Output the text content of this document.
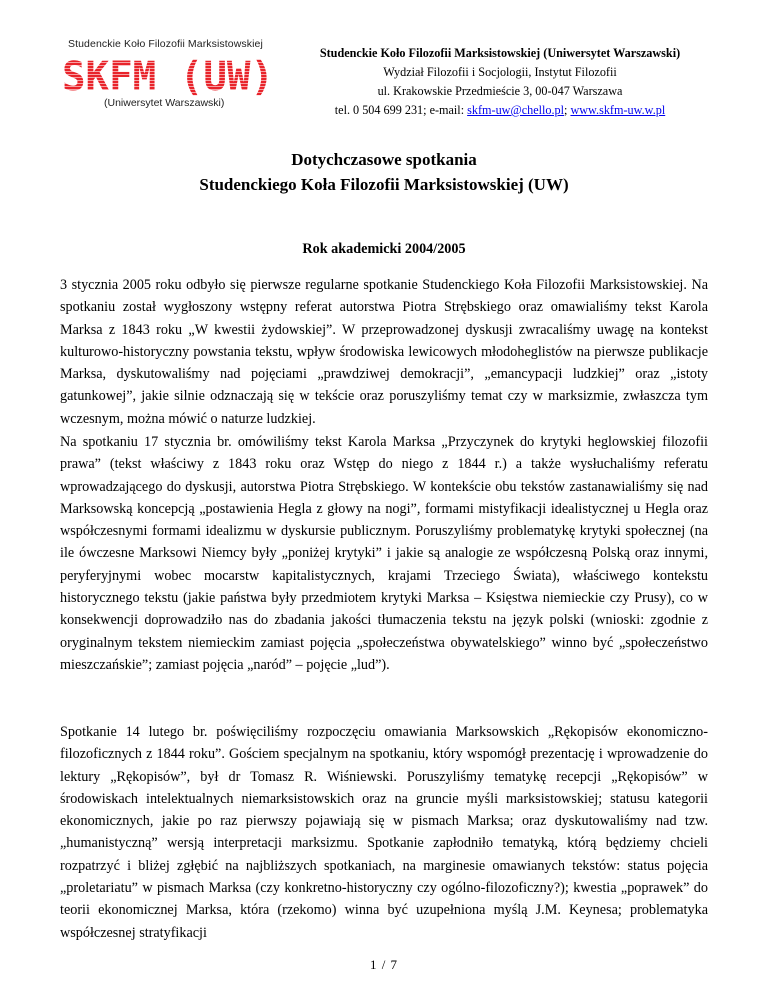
Studenckie Koło Filozofii Marksistowskiej
SKFM (UW)
(Uniwersytet Warszawski)
Studenckie Koło Filozofii Marksistowskiej (Uniwersytet Warszawski)
Wydział Filozofii i Socjologii, Instytut Filozofii
ul. Krakowskie Przedmieście 3, 00-047 Warszawa
tel. 0 504 699 231; e-mail: skfm-uw@chello.pl; www.skfm-uw.w.pl
Dotychczasowe spotkania
Studenckiego Koła Filozofii Marksistowskiej (UW)
Rok akademicki 2004/2005

3 stycznia 2005 roku odbyło się pierwsze regularne spotkanie Studenckiego Koła Filozofii Marksistowskiej. Na spotkaniu został wygłoszony wstępny referat autorstwa Piotra Strębskiego oraz omawialiśmy tekst Karola Marksa z 1843 roku „W kwestii żydowskiej”. W przeprowadzonej dyskusji zwracaliśmy uwagę na kontekst kulturowo-historyczny powstania tekstu, wpływ środowiska lewicowych młodoheglistów na pierwsze publikacje Marksa, dyskutowaliśmy nad pojęciami „prawdziwej demokracji”, „emancypacji ludzkiej” oraz „istoty gatunkowej”, jakie silnie odznaczają się w tekście oraz poruszyliśmy temat czy w marksizmie, zwłaszcza tym wczesnym, można mówić o naturze ludzkiej.

Na spotkaniu 17 stycznia br. omówiliśmy tekst Karola Marksa „Przyczynek do krytyki heglowskiej filozofii prawa” (tekst właściwy z 1843 roku oraz Wstęp do niego z 1844 r.) a także wysłuchaliśmy referatu wprowadzającego do dyskusji, autorstwa Piotra Strębskiego. W kontekście obu tekstów zastanawialiśmy się nad Marksowską koncepcją „postawienia Hegla z głowy na nogi”, formami mistyfikacji idealistycznej u Hegla oraz współczesnymi formami idealizmu w dyskursie publicznym. Poruszyliśmy problematykę krytyki społecznej (na ile ówczesne Marksowi Niemcy były „poniżej krytyki” i jakie są analogie ze współczesną Polską oraz innymi, peryferyjnymi wobec mocarstw kapitalistycznych, krajami Trzeciego Świata), właściwego kontekstu historycznego tekstu (jakie państwa były przedmiotem krytyki Marksa – Księstwa niemieckie czy Prusy), co w konsekwencji doprowadziło nas do zbadania jakości tłumaczenia tekstu na język polski (wnioski: zgodnie z oryginalnym tekstem niemieckim zamiast pojęcia „społeczeństwa obywatelskiego” winno być „społeczeństwo mieszczańskie”; zamiast pojęcia „naród” – pojęcie „lud”).

Spotkanie 14 lutego br. poświęciliśmy rozpoczęciu omawiania Marksowskich „Rękopisów ekonomiczno-filozoficznych z 1844 roku”. Gościem specjalnym na spotkaniu, który wspomógł prezentację i wprowadzenie do lektury „Rękopisów”, był dr Tomasz R. Wiśniewski. Poruszyliśmy tematykę recepcji „Rękopisów” w środowiskach intelektualnych niemarksistowskich oraz na gruncie myśli marksistowskiej; statusu kategorii ekonomicznych, jakie po raz pierwszy pojawiają się w pismach Marksa; oraz dyskutowaliśmy nad tzw. „humanistyczną” wersją interpretacji marksizmu. Spotkanie zapłodniło tematyką, którą będziemy chcieli rozpatrzyć i bliżej zgłębić na najbliższych spotkaniach, na marginesie omawianych tekstów: status pojęcia „proletariatu” w pismach Marksa (czy konkretno-historyczny czy ogólno-filozoficzny?); kwestia „poprawek” do teorii ekonomicznej Marksa, która (rzekomo) winna być uzupełniona myślą J.M. Keynesa; problematyka współczesnej stratyfikacji

1 / 7
